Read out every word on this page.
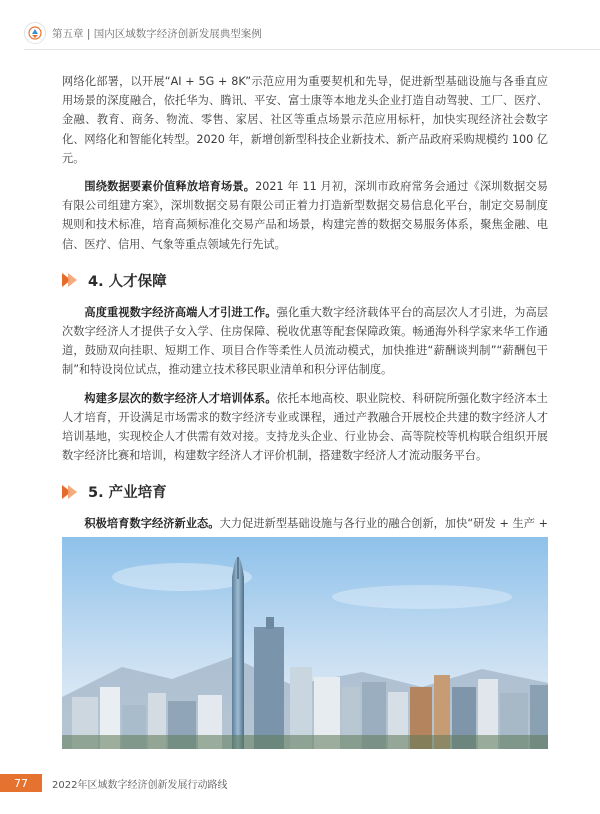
第五章 | 国内区域数字经济创新发展典型案例

网络化部署，以开展“AI + 5G + 8K”示范应用为重要契机和先导，促进新型基础设施与各垂直应用场景的深度融合，依托华为、腾讯、平安、富士康等本地龙头企业打造自动驾驶、工厂、医疗、金融、教育、商务、物流、零售、家居、社区等重点场景示范应用标杆，加快实现经济社会数字化、网络化和智能化转型。2020 年，新增创新型科技企业新技术、新产品政府采购规模约 100 亿元。

围绕数据要素价值释放培育场景。2021 年 11 月初，深圳市政府常务会通过《深圳数据交易有限公司组建方案》，深圳数据交易有限公司正着力打造新型数据交易信息化平台，制定交易制度规则和技术标准，培育高频标准化交易产品和场景，构建完善的数据交易服务体系，聚焦金融、电信、医疗、信用、气象等重点领域先行先试。

4. 人才保障

高度重视数字经济高端人才引进工作。强化重大数字经济载体平台的高层次人才引进，为高层次数字经济人才提供子女入学、住房保障、税收优惠等配套保障政策。畅通海外科学家来华工作通道，鼓励双向挂职、短期工作、项目合作等柔性人员流动模式，加快推进“薪酬谈判制”“薪酬包干制”和特设岗位试点，推动建立技术移民职业清单和积分评估制度。

构建多层次的数字经济人才培训体系。依托本地高校、职业院校、科研院所强化数字经济本土人才培育，开设满足市场需求的数字经济专业或课程，通过产教融合开展校企共建的数字经济人才培训基地，实现校企人才供需有效对接。支持龙头企业、行业协会、高等院校等机构联合组织开展数字经济比赛和培训，构建数字经济人才评价机制，搭建数字经济人才流动服务平台。

5. 产业培育

积极培育数字经济新业态。大力促进新型基础设施与各行业的融合创新，加快“研发 + 生产 +

77	2022年区域数字经济创新发展行动路线
